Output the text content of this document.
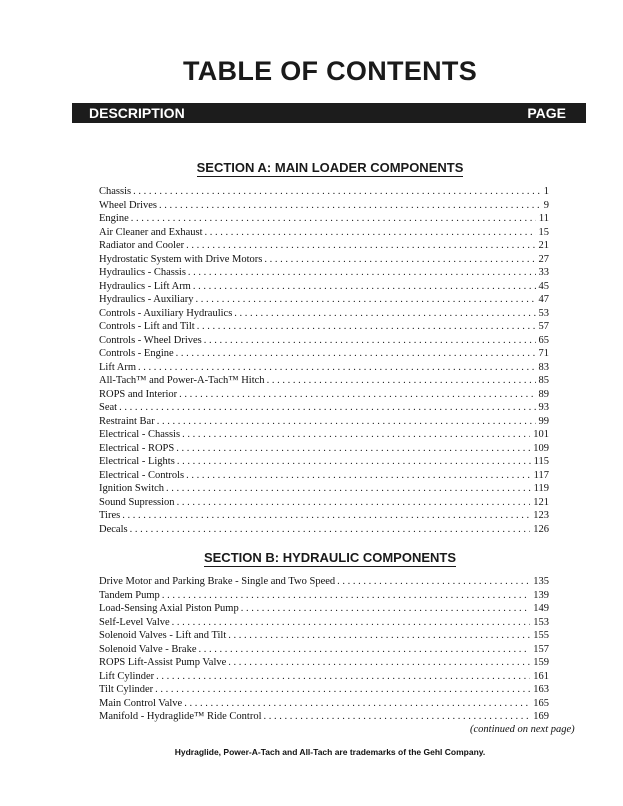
TABLE OF CONTENTS
DESCRIPTION	PAGE
SECTION A: MAIN LOADER COMPONENTS
Chassis . . .	1
Wheel Drives . . .	9
Engine . . .	11
Air Cleaner and Exhaust . . .	15
Radiator and Cooler . . .	21
Hydrostatic System with Drive Motors . . .	27
Hydraulics - Chassis . . .	33
Hydraulics - Lift Arm . . .	45
Hydraulics - Auxiliary . . .	47
Controls - Auxiliary Hydraulics . . .	53
Controls - Lift and Tilt . . .	57
Controls - Wheel Drives . . .	65
Controls - Engine . . .	71
Lift Arm . . .	83
All-Tach™ and Power-A-Tach™ Hitch . . .	85
ROPS and Interior . . .	89
Seat . . .	93
Restraint Bar . . .	99
Electrical - Chassis . . .	101
Electrical - ROPS . . .	109
Electrical - Lights . . .	115
Electrical - Controls . . .	117
Ignition Switch . . .	119
Sound Supression . . .	121
Tires . . .	123
Decals . . .	126
SECTION B: HYDRAULIC COMPONENTS
Drive Motor and Parking Brake - Single and Two Speed . . .	135
Tandem Pump . . .	139
Load-Sensing Axial Piston Pump . . .	149
Self-Level Valve . . .	153
Solenoid Valves - Lift and Tilt . . .	155
Solenoid Valve - Brake . . .	157
ROPS Lift-Assist Pump Valve . . .	159
Lift Cylinder . . .	161
Tilt Cylinder . . .	163
Main Control Valve . . .	165
Manifold - Hydraglide™ Ride Control . . .	169
(continued on next page)
Hydraglide, Power-A-Tach and All-Tach are trademarks of the Gehl Company.
